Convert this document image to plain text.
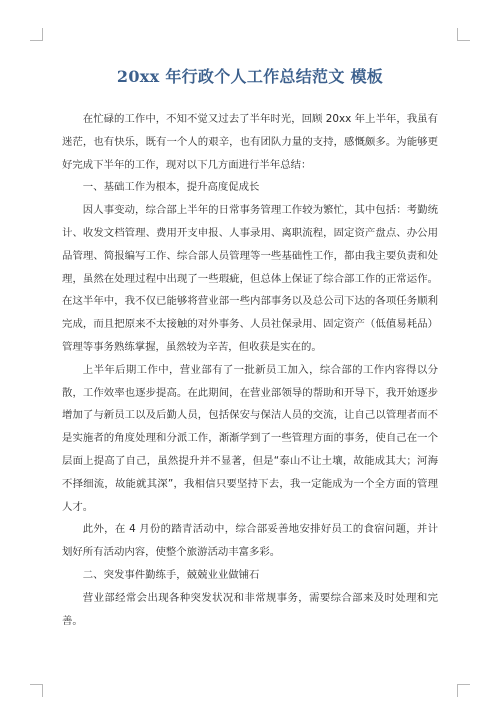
20xx 年行政个人工作总结范文 模板

在忙碌的工作中，不知不觉又过去了半年时光，回顾 20xx 年上半年，我虽有迷茫，也有快乐，既有一个人的艰辛，也有团队力量的支持，感慨颇多。为能够更好完成下半年的工作，现对以下几方面进行半年总结：

一、基础工作为根本，提升高度促成长

因人事变动，综合部上半年的日常事务管理工作较为繁忙，其中包括：考勤统计、收发文档管理、费用开支申报、人事录用、离职流程，固定资产盘点、办公用品管理、简报编写工作、综合部人员管理等一些基础性工作，都由我主要负责和处理，虽然在处理过程中出现了一些瑕疵，但总体上保证了综合部工作的正常运作。在这半年中，我不仅已能够将营业部一些内部事务以及总公司下达的各项任务顺利完成，而且把原来不太接触的对外事务、人员社保录用、固定资产（低值易耗品）管理等事务熟练掌握，虽然较为辛苦，但收获是实在的。

上半年后期工作中，营业部有了一批新员工加入，综合部的工作内容得以分散，工作效率也逐步提高。在此期间，在营业部领导的帮助和开导下，我开始逐步增加了与新员工以及后勤人员，包括保安与保洁人员的交流，让自己以管理者而不是实施者的角度处理和分派工作，渐渐学到了一些管理方面的事务，使自己在一个层面上提高了自己，虽然提升并不显著，但是“泰山不让土壤，故能成其大；河海不择细流，故能就其深”，我相信只要坚持下去，我一定能成为一个全方面的管理人才。

此外，在 4 月份的踏青活动中，综合部妥善地安排好员工的食宿问题，并计划好所有活动内容，使整个旅游活动丰富多彩。

二、突发事件勤练手，兢兢业业做铺石

营业部经常会出现各种突发状况和非常规事务，需要综合部来及时处理和完善。
